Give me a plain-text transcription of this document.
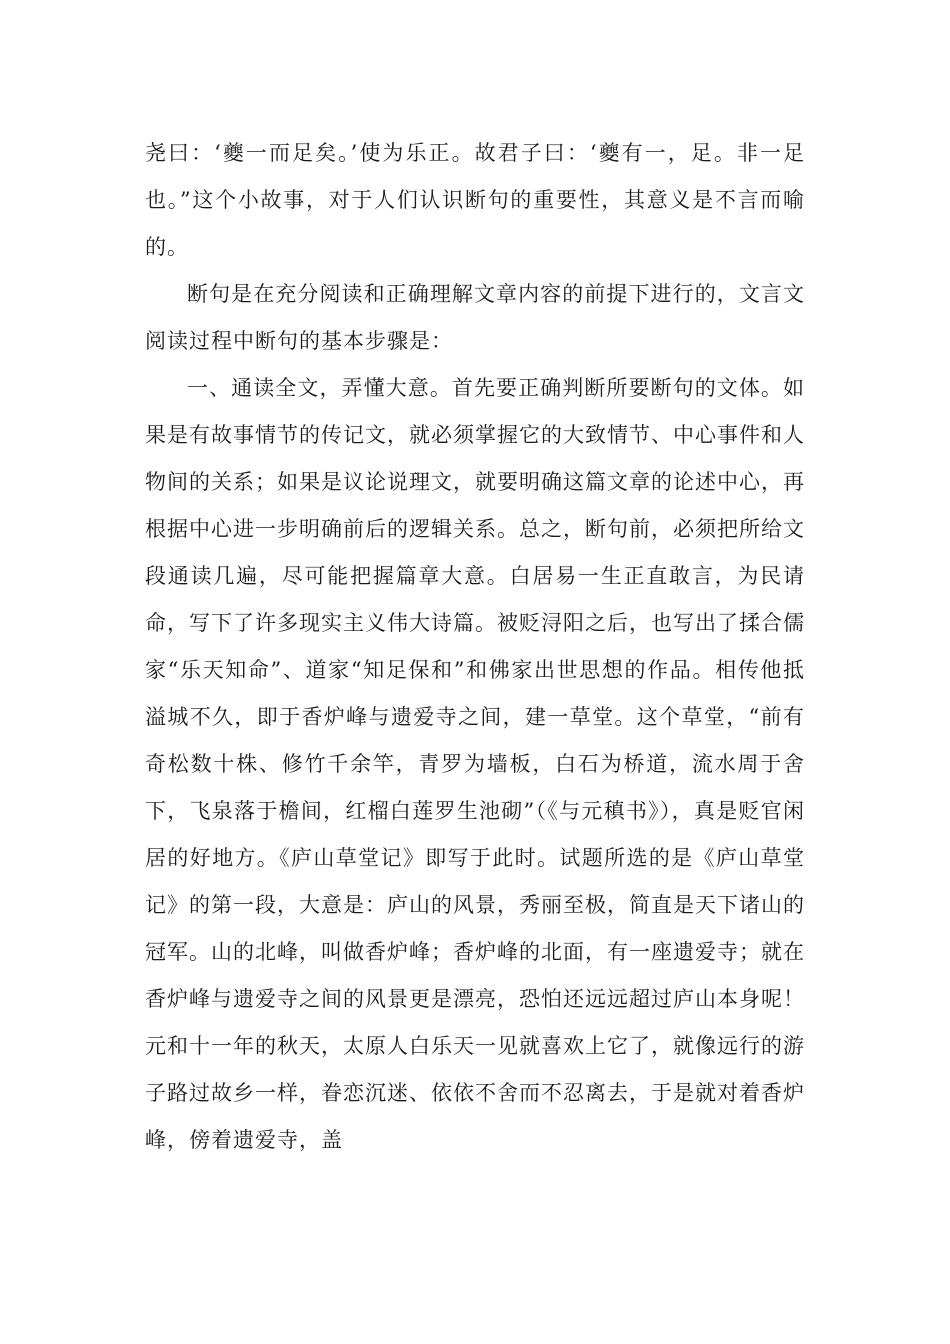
尧曰：‘夔一而足矣。’使为乐正。故君子曰：‘夔有一，足。非一足也。”这个小故事，对于人们认识断句的重要性，其意义是不言而喻的。

断句是在充分阅读和正确理解文章内容的前提下进行的，文言文阅读过程中断句的基本步骤是：

一、通读全文，弄懂大意。首先要正确判断所要断句的文体。如果是有故事情节的传记文，就必须掌握它的大致情节、中心事件和人物间的关系；如果是议论说理文，就要明确这篇文章的论述中心，再根据中心进一步明确前后的逻辑关系。总之，断句前，必须把所给文段通读几遍，尽可能把握篇章大意。白居易一生正直敢言，为民请命，写下了许多现实主义伟大诗篇。被贬浔阳之后，也写出了揉合儒家“乐天知命”、道家“知足保和”和佛家出世思想的作品。相传他抵溢城不久，即于香炉峰与遗爱寺之间，建一草堂。这个草堂，“前有奇松数十株、修竹千余竿，青罗为墙板，白石为桥道，流水周于舍下，飞泉落于檐间，红榴白莲罗生池砌”（《与元稹书》），真是贬官闲居的好地方。《庐山草堂记》即写于此时。试题所选的是《庐山草堂记》的第一段，大意是：庐山的风景，秀丽至极，简直是天下诸山的冠军。山的北峰，叫做香炉峰；香炉峰的北面，有一座遗爱寺；就在香炉峰与遗爱寺之间的风景更是漂亮，恐怕还远远超过庐山本身呢！元和十一年的秋天，太原人白乐天一见就喜欢上它了，就像远行的游子路过故乡一样，眷恋沉迷、依依不舍而不忍离去，于是就对着香炉峰，傍着遗爱寺，盖
